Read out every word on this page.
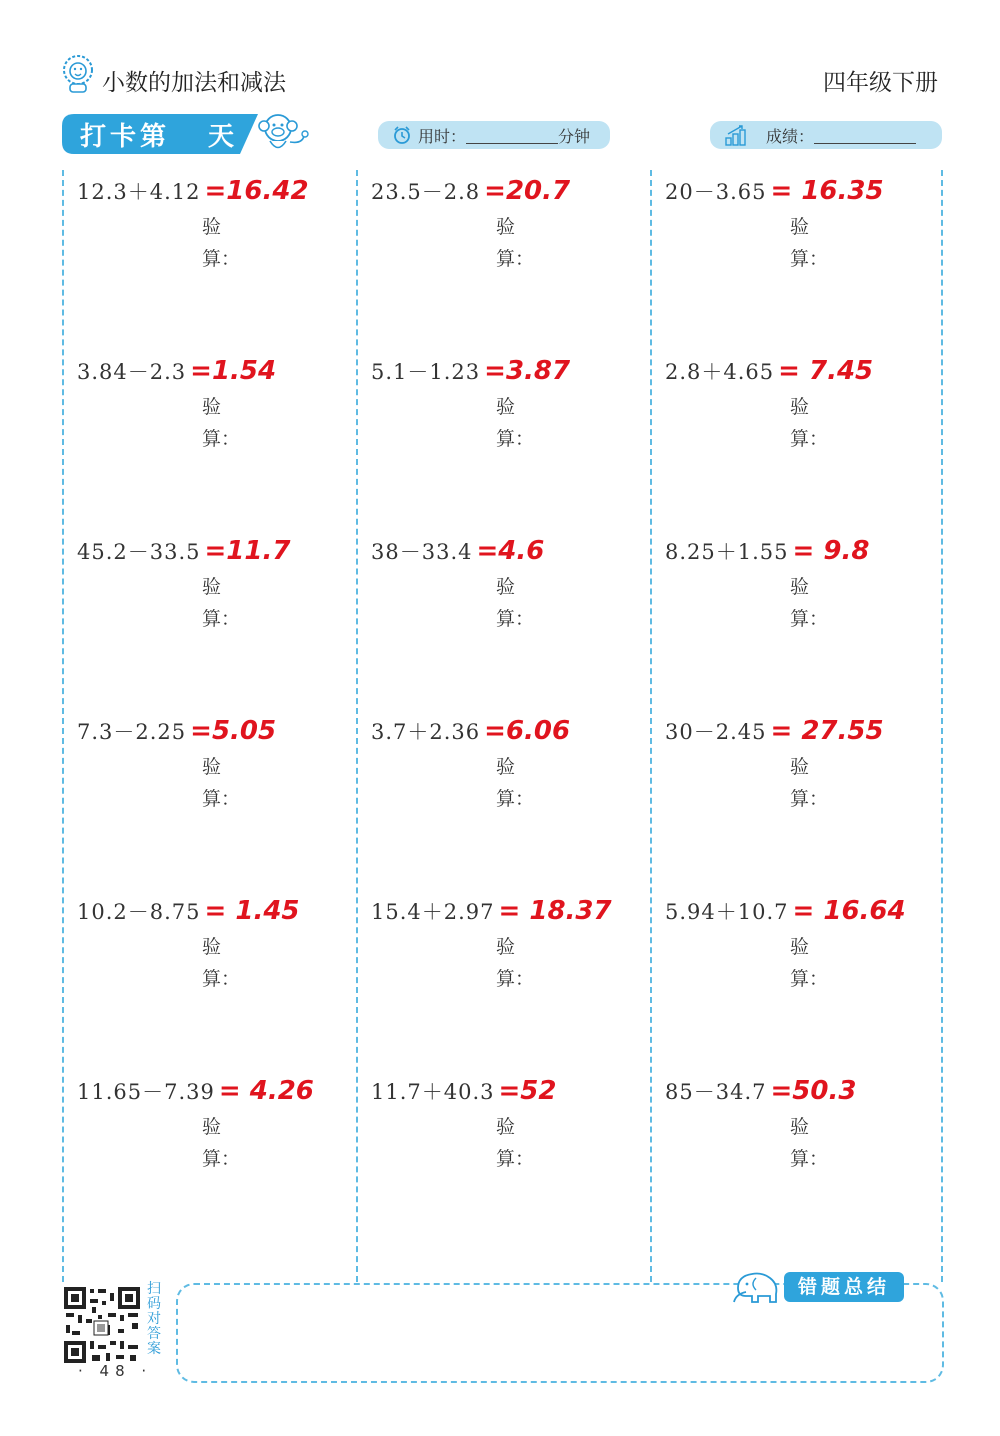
小数的加法和减法	四年级下册
打卡第 天	用时：	分钟	成绩：
12.3＋4.12 =16.42
验
算：
23.5－2.8 =20.7
验
算：
20－3.65 = 16.35
验
算：
3.84－2.3 =1.54
验
算：
5.1－1.23 =3.87
验
算：
2.8＋4.65 = 7.45
验
算：
45.2－33.5 =11.7
验
算：
38－33.4 =4.6
验
算：
8.25＋1.55 = 9.8
验
算：
7.3－2.25 =5.05
验
算：
3.7＋2.36 =6.06
验
算：
30－2.45 = 27.55
验
算：
10.2－8.75 = 1.45
验
算：
15.4＋2.97 = 18.37
验
算：
5.94＋10.7 = 16.64
验
算：
11.65－7.39 = 4.26
验
算：
11.7＋40.3 =52
验
算：
85－34.7 =50.3
验
算：
扫码对答案
· 48 ·
错题总结
